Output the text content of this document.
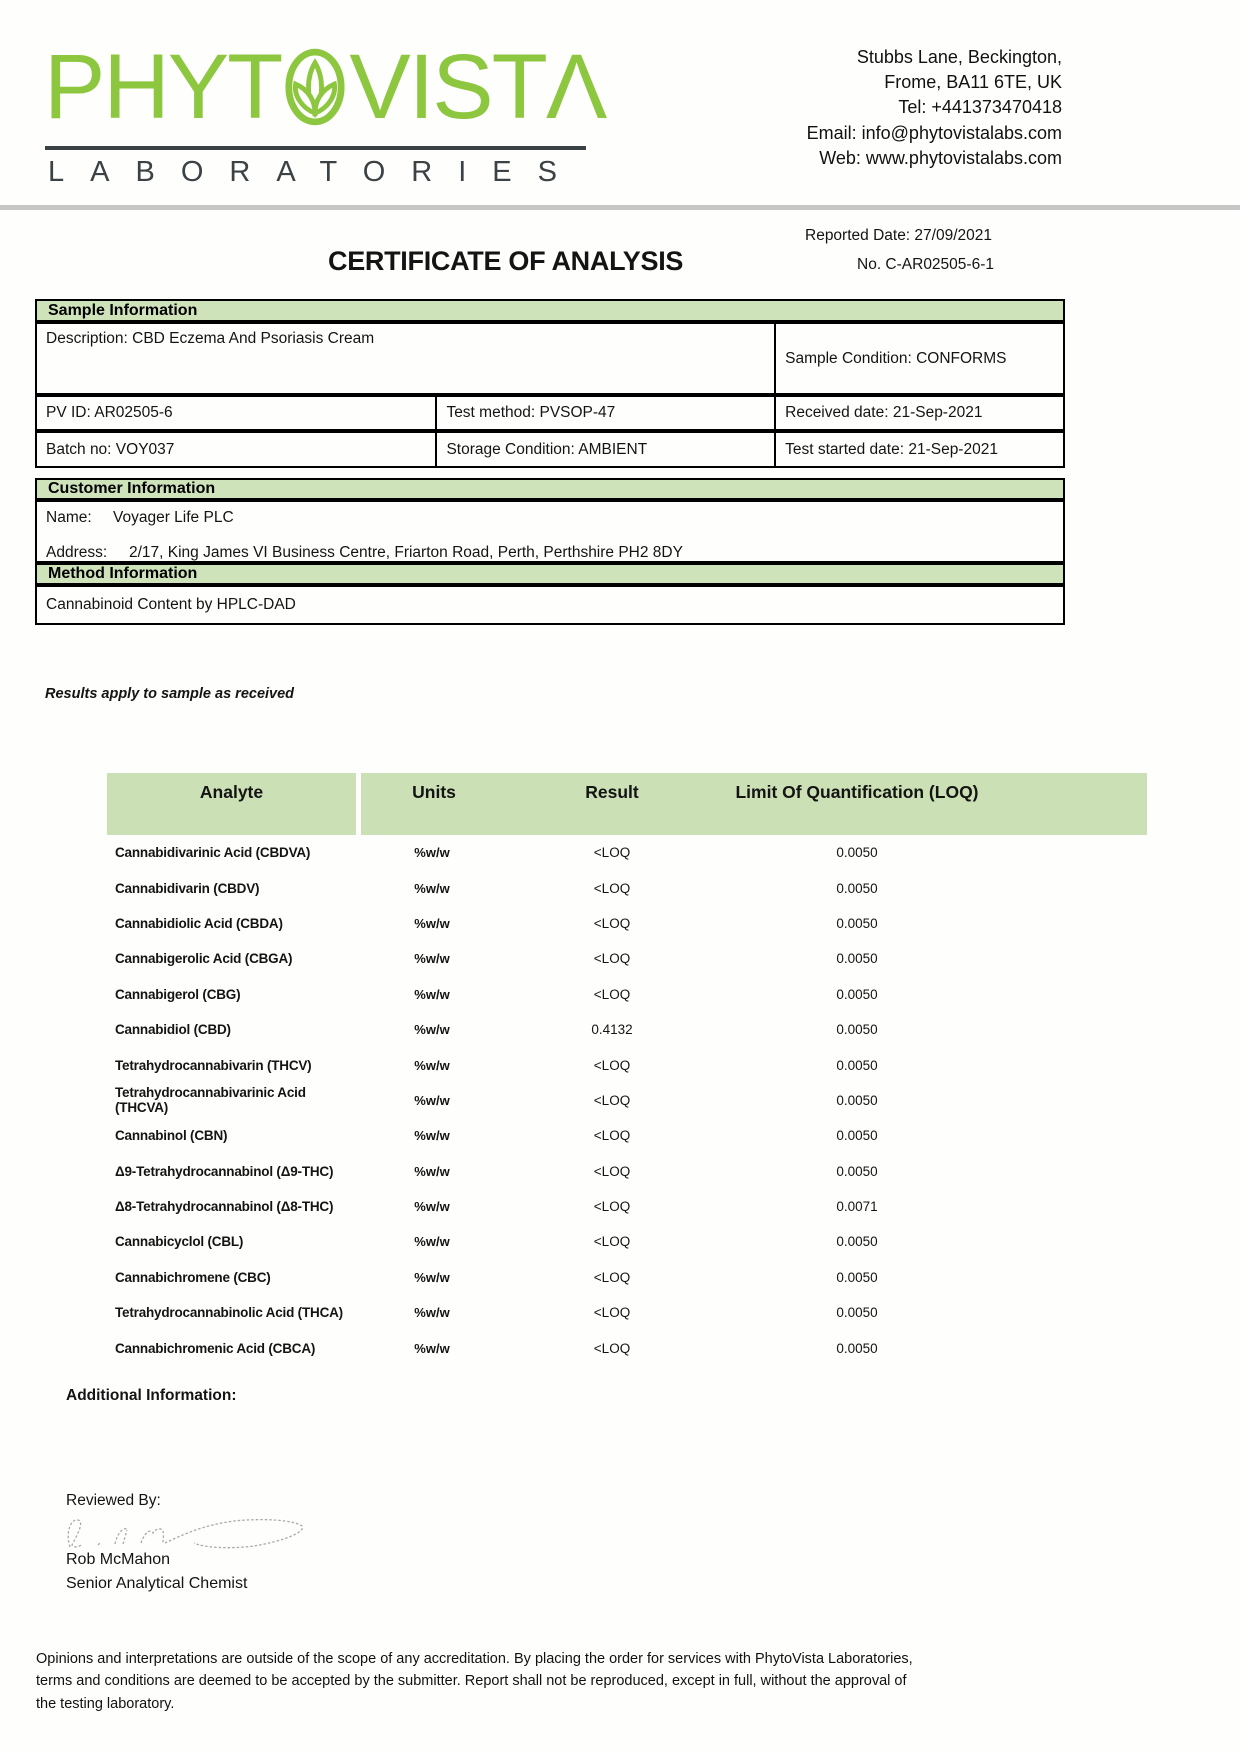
PHYT VISTΛ
LABORATORIES
Stubbs Lane, Beckington,
Frome, BA11 6TE, UK
Tel: +441373470418
Email: info@phytovistalabs.com
Web: www.phytovistalabs.com
Reported Date: 27/09/2021
CERTIFICATE OF ANALYSIS	No. C-AR02505-6-1
Sample Information
Description: CBD Eczema And Psoriasis Cream
Sample Condition: CONFORMS
PV ID: AR02505-6	Test method: PVSOP-47	Received date: 21-Sep-2021
Batch no: VOY037	Storage Condition: AMBIENT	Test started date: 21-Sep-2021
Customer Information
Name: Voyager Life PLC
Address: 2/17, King James VI Business Centre, Friarton Road, Perth, Perthshire PH2 8DY
Method Information
Cannabinoid Content by HPLC-DAD
Results apply to sample as received
Analyte	Units	Result	Limit Of Quantification (LOQ)
Cannabidivarinic Acid (CBDVA)	%w/w	<LOQ	0.0050
Cannabidivarin (CBDV)	%w/w	<LOQ	0.0050
Cannabidiolic Acid (CBDA)	%w/w	<LOQ	0.0050
Cannabigerolic Acid (CBGA)	%w/w	<LOQ	0.0050
Cannabigerol (CBG)	%w/w	<LOQ	0.0050
Cannabidiol (CBD)	%w/w	0.4132	0.0050
Tetrahydrocannabivarin (THCV)	%w/w	<LOQ	0.0050
Tetrahydrocannabivarinic Acid (THCVA)	%w/w	<LOQ	0.0050
Cannabinol (CBN)	%w/w	<LOQ	0.0050
Δ9-Tetrahydrocannabinol (Δ9-THC)	%w/w	<LOQ	0.0050
Δ8-Tetrahydrocannabinol (Δ8-THC)	%w/w	<LOQ	0.0071
Cannabicyclol (CBL)	%w/w	<LOQ	0.0050
Cannabichromene (CBC)	%w/w	<LOQ	0.0050
Tetrahydrocannabinolic Acid (THCA)	%w/w	<LOQ	0.0050
Cannabichromenic Acid (CBCA)	%w/w	<LOQ	0.0050
Additional Information:
Reviewed By:
Rob McMahon
Senior Analytical Chemist
Opinions and interpretations are outside of the scope of any accreditation. By placing the order for services with PhytoVista Laboratories,
terms and conditions are deemed to be accepted by the submitter. Report shall not be reproduced, except in full, without the approval of
the testing laboratory.
